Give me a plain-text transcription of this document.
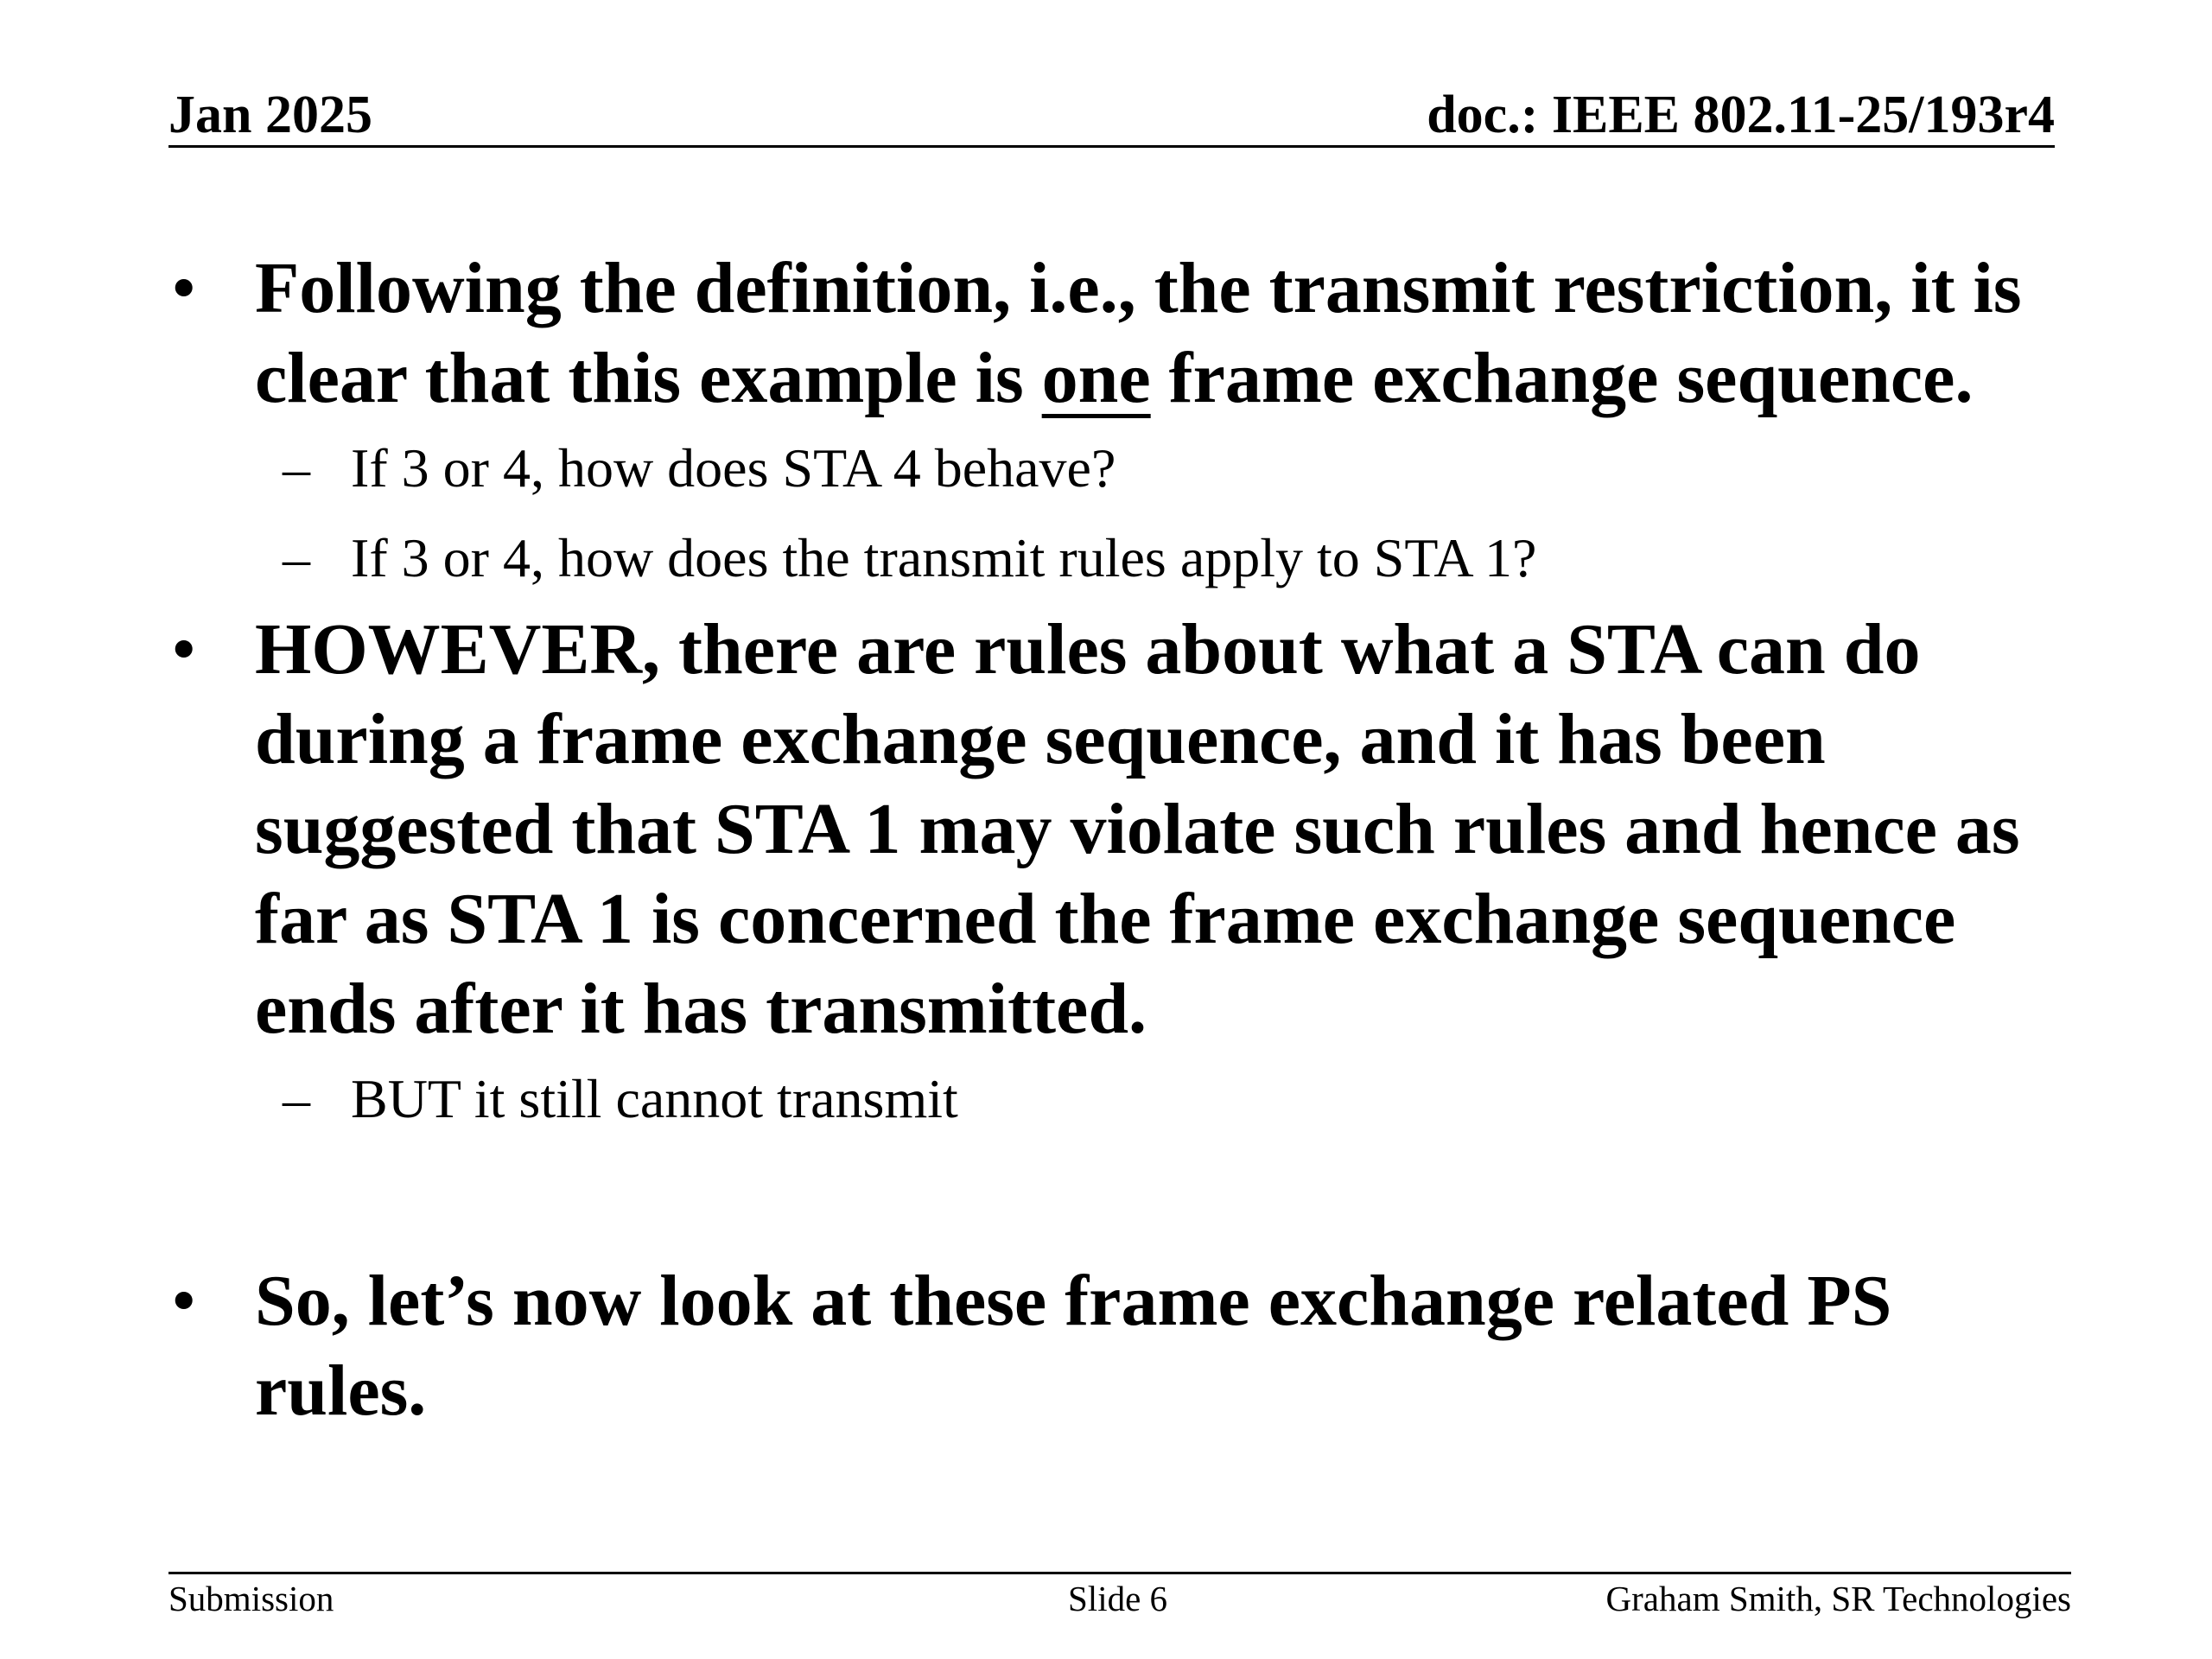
Jan 2025	doc.: IEEE 802.11-25/193r4
• Following the definition, i.e., the transmit restriction, it is clear that this example is one frame exchange sequence.
– If 3 or 4, how does STA 4 behave?
– If 3 or 4, how does the transmit rules apply to STA 1?
• HOWEVER, there are rules about what a STA can do during a frame exchange sequence, and it has been suggested that STA 1 may violate such rules and hence as far as STA 1 is concerned the frame exchange sequence ends after it has transmitted.
– BUT it still cannot transmit
• So, let’s now look at these frame exchange related PS rules.
Submission	Slide 6	Graham Smith, SR Technologies
